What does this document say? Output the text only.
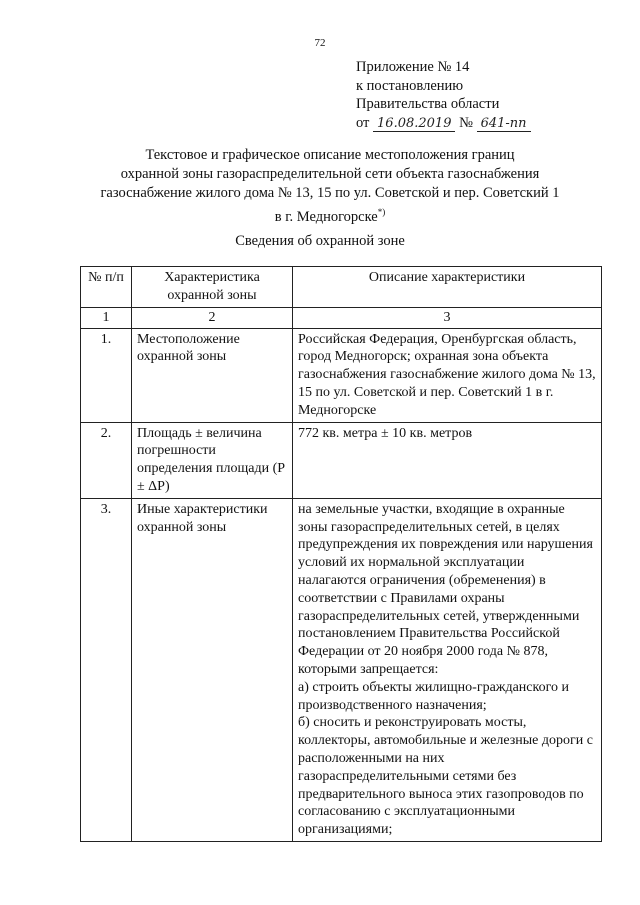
72
Приложение № 14
к постановлению
Правительства области
от 16.08.2019 № 641-пп
Текстовое и графическое описание местоположения границ
охранной зоны газораспределительной сети объекта газоснабжения
газоснабжение жилого дома № 13, 15 по ул. Советской и пер. Советский 1
в г. Медногорске*)
Сведения об охранной зоне
№ п/п	Характеристика охранной зоны	Описание характеристики
1	2	3
1.	Местоположение охранной зоны	Российская Федерация, Оренбургская область, город Медногорск; охранная зона объекта газоснабжения газоснабжение жилого дома № 13, 15 по ул. Советской и пер. Советский 1 в г. Медногорске
2.	Площадь ± величина погрешности определения площади (P ± ΔP)	772 кв. метра ± 10 кв. метров
3.	Иные характеристики охранной зоны	на земельные участки, входящие в охранные зоны газораспределительных сетей, в целях предупреждения их повреждения или нарушения условий их нормальной эксплуатации налагаются ограничения (обременения) в соответствии с Правилами охраны газораспределительных сетей, утвержденными постановлением Правительства Российской Федерации от 20 ноября 2000 года № 878, которыми запрещается:
а) строить объекты жилищно-гражданского и производственного назначения;
б) сносить и реконструировать мосты, коллекторы, автомобильные и железные дороги с расположенными на них газораспределительными сетями без предварительного выноса этих газопроводов по согласованию с эксплуатационными организациями;
